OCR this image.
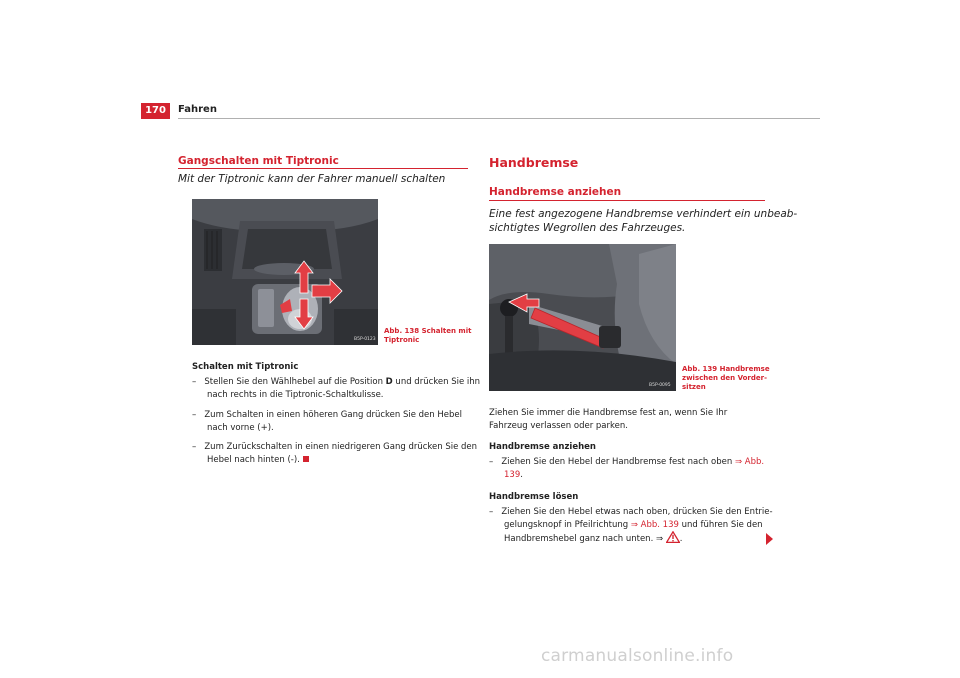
170	Fahren
Gangschalten mit Tiptronic
Mit der Tiptronic kann der Fahrer manuell schalten
B5P-0123
Abb. 138 Schalten mit
Tiptronic
Schalten mit Tiptronic
– Stellen Sie den Wählhebel auf die Position D und drücken Sie ihn nach rechts in die Tiptronic-Schaltkulisse.
– Zum Schalten in einen höheren Gang drücken Sie den Hebel nach vorne (+).
– Zum Zurückschalten in einen niedrigeren Gang drücken Sie den Hebel nach hinten (-).
Handbremse
Handbremse anziehen
Eine fest angezogene Handbremse verhindert ein unbeab-
sichtigtes Wegrollen des Fahrzeuges.
B5P-0095
Abb. 139 Handbremse
zwischen den Vorder-
sitzen
Ziehen Sie immer die Handbremse fest an, wenn Sie Ihr Fahrzeug verlassen oder parken.
Handbremse anziehen
–   Ziehen Sie den Hebel der Handbremse fest nach oben ⇒ Abb. 139.
Handbremse lösen
–   Ziehen Sie den Hebel etwas nach oben, drücken Sie den Entrie-gelungsknopf in Pfeilrichtung ⇒ Abb. 139 und führen Sie den Handbremshebel ganz nach unten. ⇒ .
carmanualsonline.info
